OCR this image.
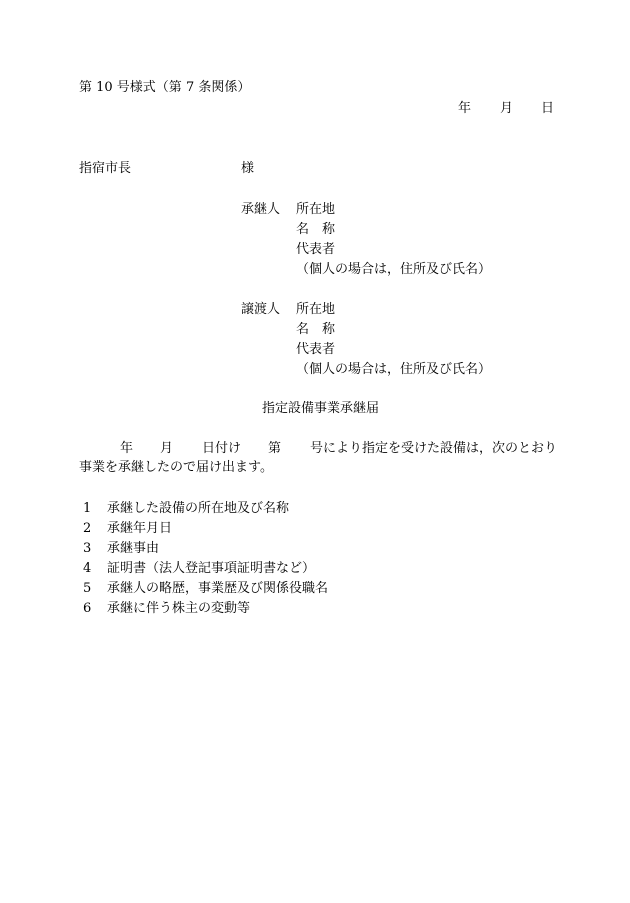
第 10 号様式（第 7 条関係）
年 月 日
指宿市長	様
承継人 所在地
名　称
代表者
（個人の場合は，住所及び氏名）
譲渡人 所在地
名　称
代表者
（個人の場合は，住所及び氏名）
指定設備事業承継届
年 月 日付け 第 号により指定を受けた設備は，次のとおり
事業を承継したので届け出ます。
1 承継した設備の所在地及び名称
2 承継年月日
3 承継事由
4 証明書（法人登記事項証明書など）
5 承継人の略歴，事業歴及び関係役職名
6 承継に伴う株主の変動等
